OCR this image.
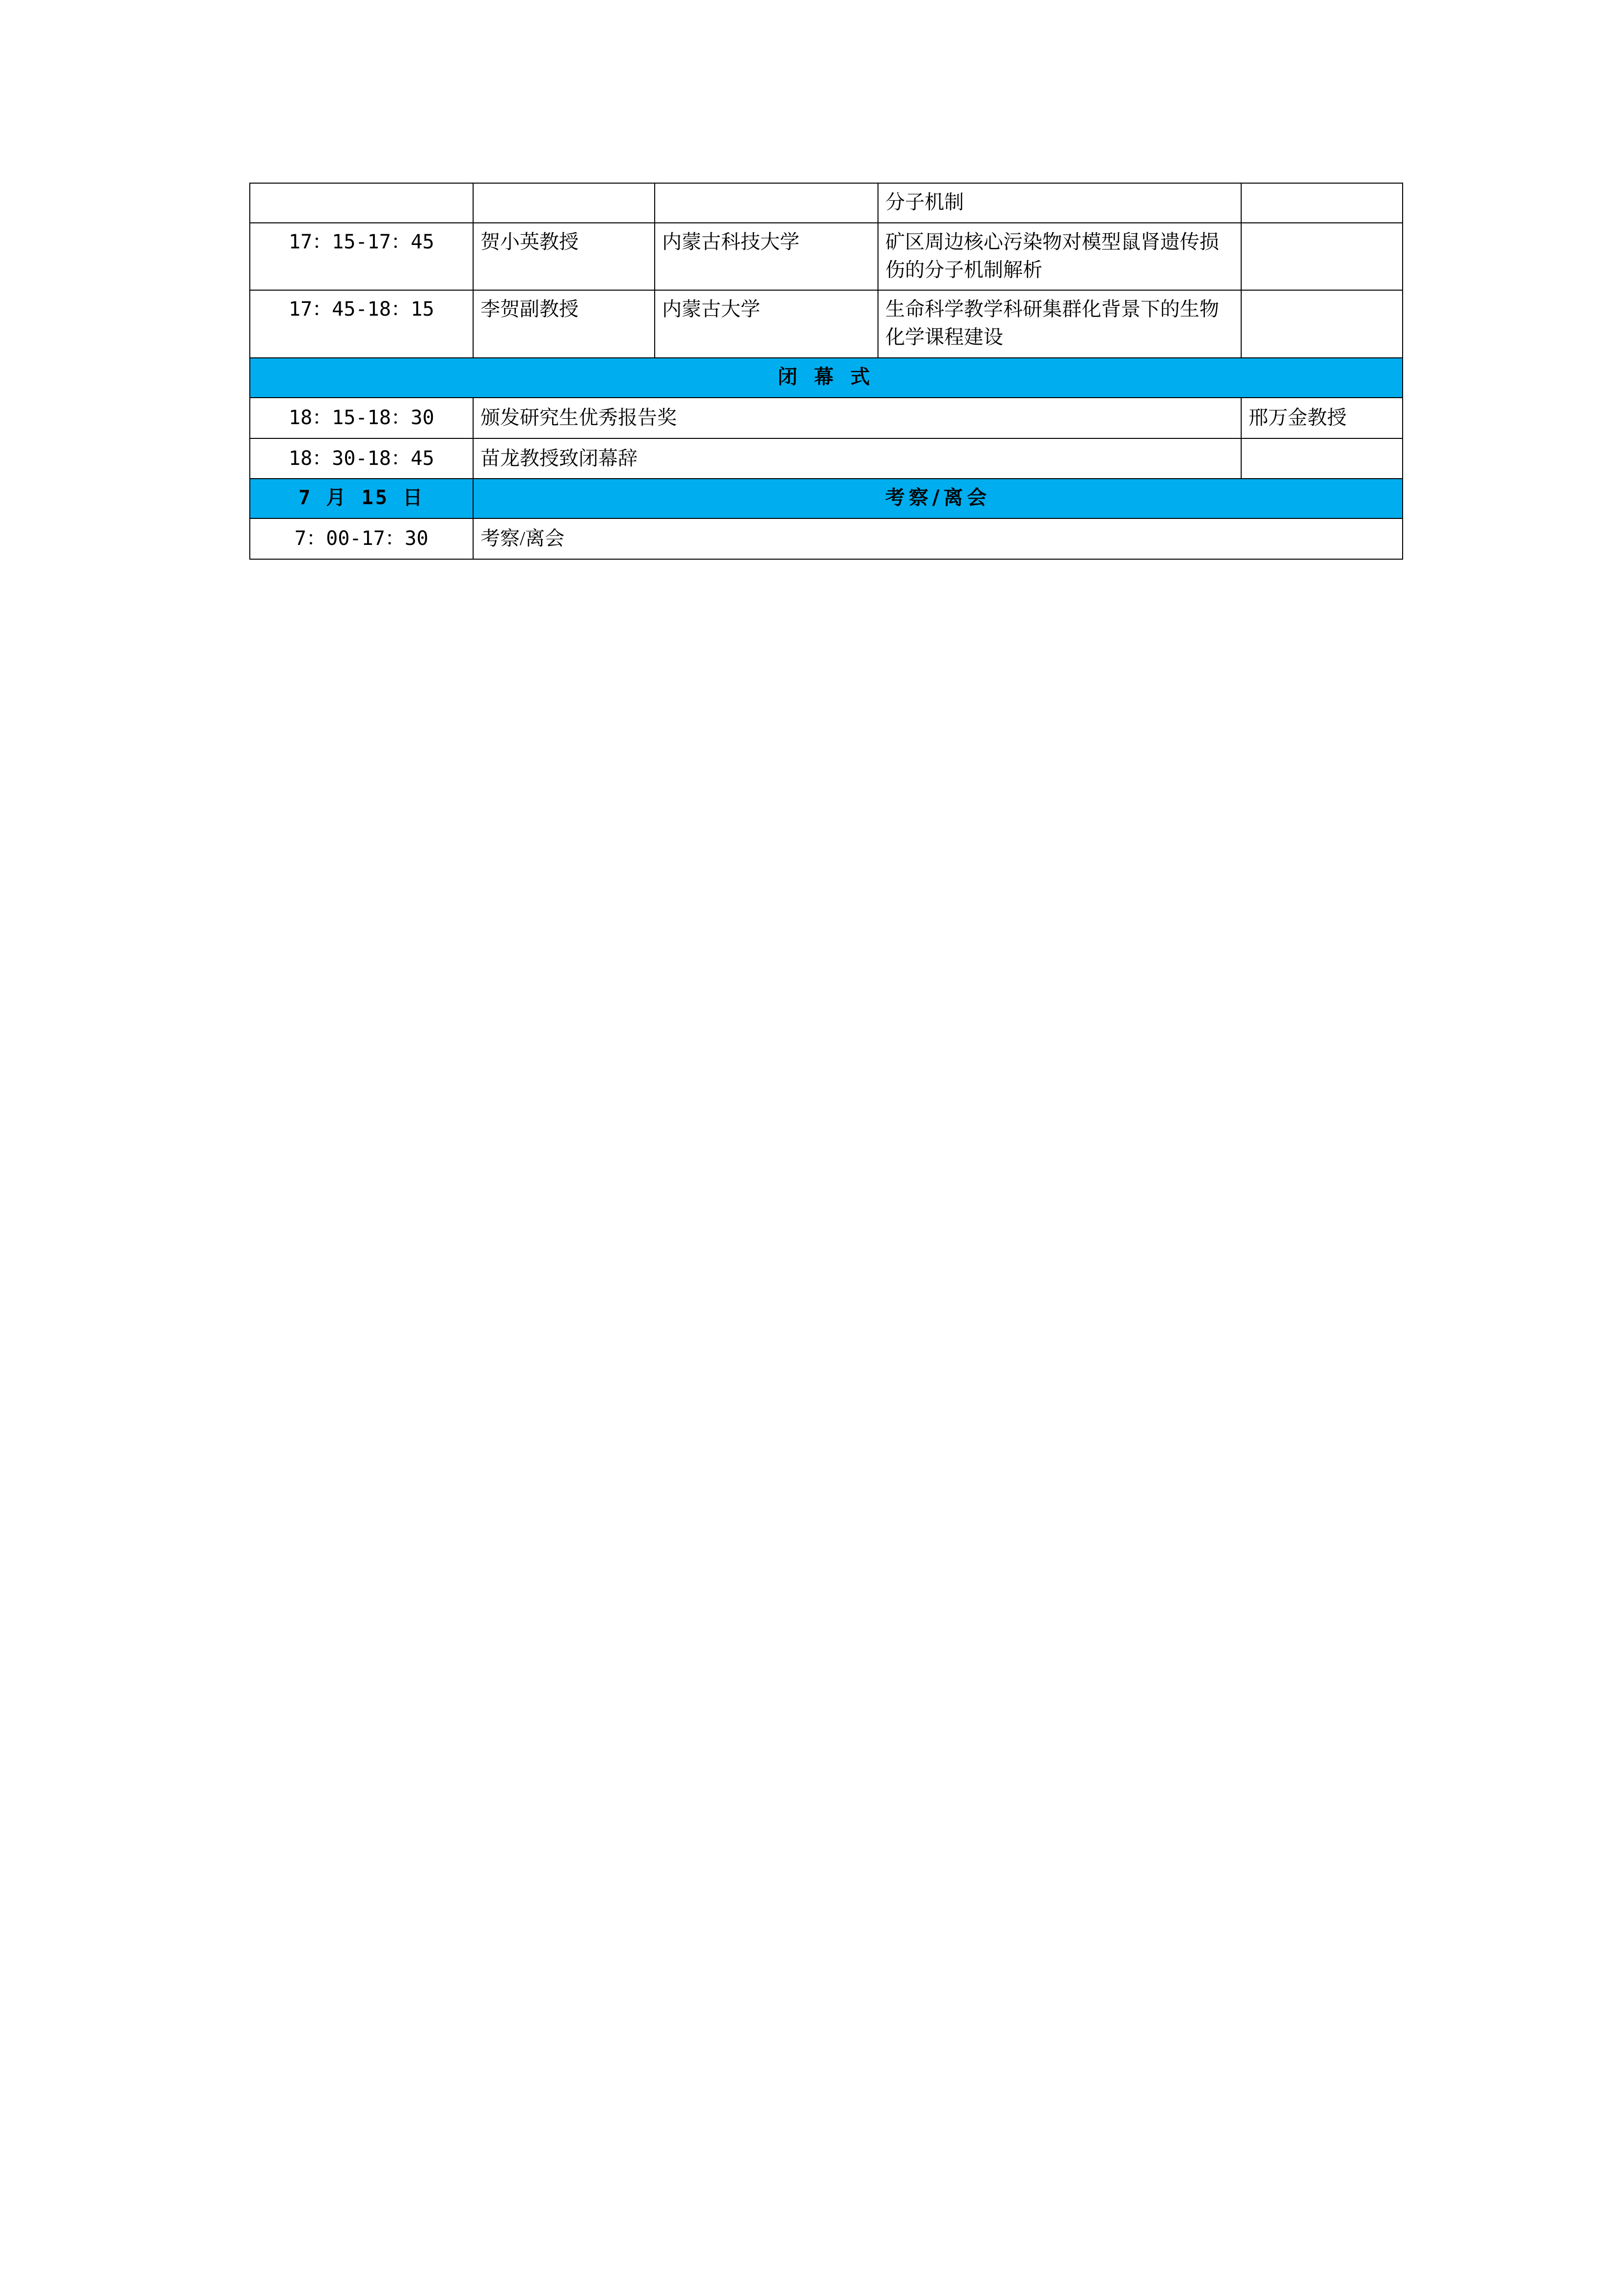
			分子机制	
17：15-17：45	贺小英教授	内蒙古科技大学	矿区周边核心污染物对模型鼠肾遗传损伤的分子机制解析	
17：45-18：15	李贺副教授	内蒙古大学	生命科学教学科研集群化背景下的生物化学课程建设	
闭 幕 式				
18：15-18：30	颁发研究生优秀报告奖			邢万金教授
18：30-18：45	苗龙教授致闭幕辞			
7 月 15 日	考察/离会			
7：00-17：30	考察/离会			
